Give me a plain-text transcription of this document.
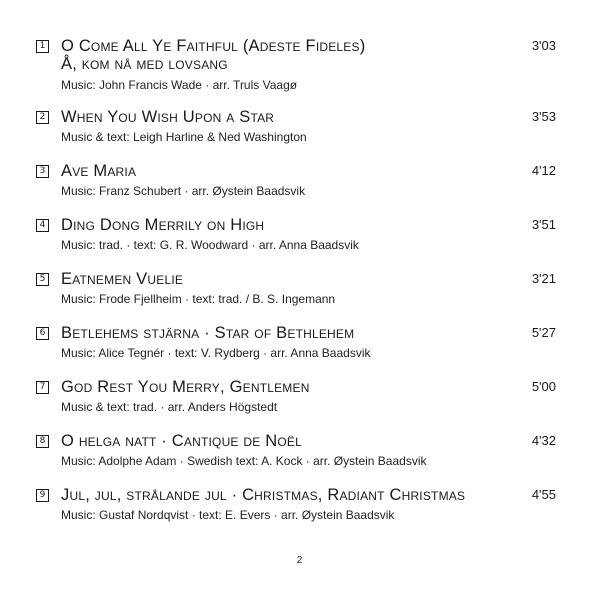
1 O Come All Ye Faithful (Adeste Fideles)
Å, kom nå med lovsang
Music: John Francis Wade · arr. Truls Vaagø
3'03
2 When You Wish Upon a Star
Music & text: Leigh Harline & Ned Washington
3'53
3 Ave Maria
Music: Franz Schubert · arr. Øystein Baadsvik
4'12
4 Ding Dong Merrily on High
Music: trad. · text: G. R. Woodward · arr. Anna Baadsvik
3'51
5 Eatnemen Vuelie
Music: Frode Fjellheim · text: trad. / B. S. Ingemann
3'21
6 Betlehems stjärna · Star of Bethlehem
Music: Alice Tegnér · text: V. Rydberg · arr. Anna Baadsvik
5'27
7 God Rest You Merry, Gentlemen
Music & text: trad. · arr. Anders Högstedt
5'00
8 O helga natt · Cantique de Noël
Music: Adolphe Adam · Swedish text: A. Kock · arr. Øystein Baadsvik
4'32
9 Jul, jul, strålande jul · Christmas, Radiant Christmas
Music: Gustaf Nordqvist · text: E. Evers · arr. Øystein Baadsvik
4'55
2
